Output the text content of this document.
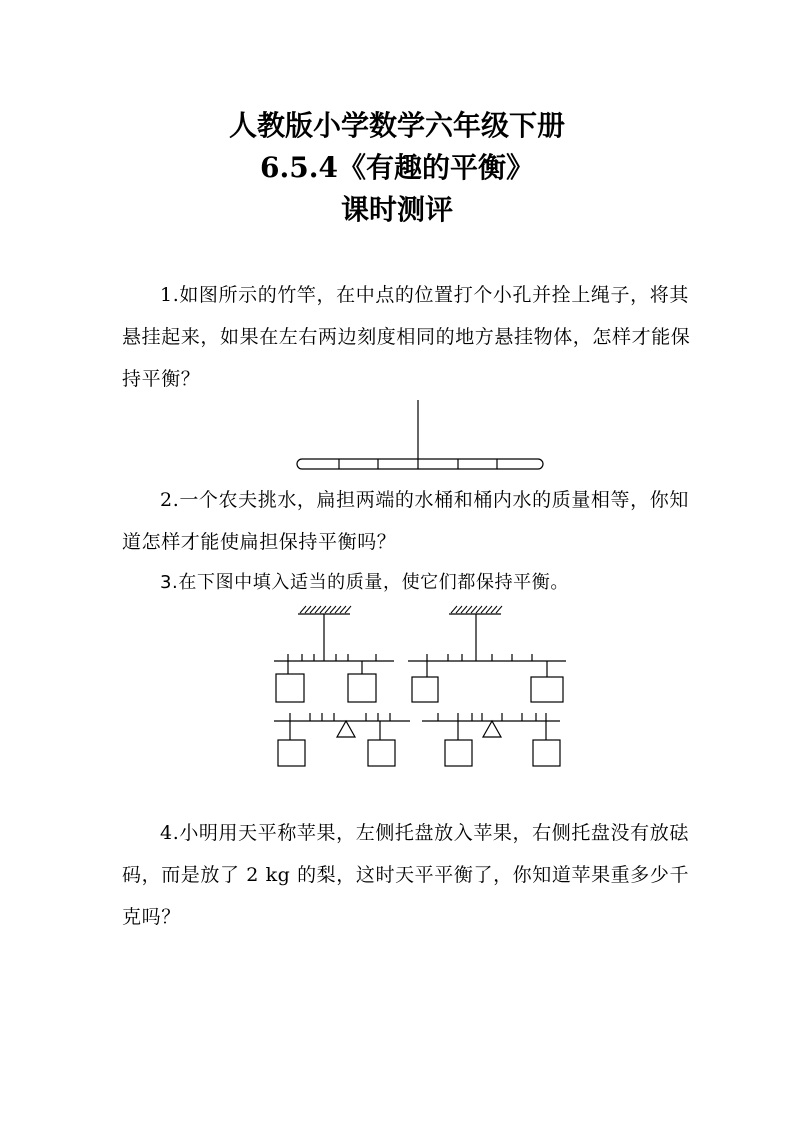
人教版小学数学六年级下册
6.5.4《有趣的平衡》
课时测评

1.如图所示的竹竿，在中点的位置打个小孔并拴上绳子，将其悬挂起来，如果在左右两边刻度相同的地方悬挂物体，怎样才能保持平衡？

2.一个农夫挑水，扁担两端的水桶和桶内水的质量相等，你知道怎样才能使扁担保持平衡吗？

3.在下图中填入适当的质量，使它们都保持平衡。

4.小明用天平称苹果，左侧托盘放入苹果，右侧托盘没有放砝码，而是放了 2 kg 的梨，这时天平平衡了，你知道苹果重多少千克吗？
